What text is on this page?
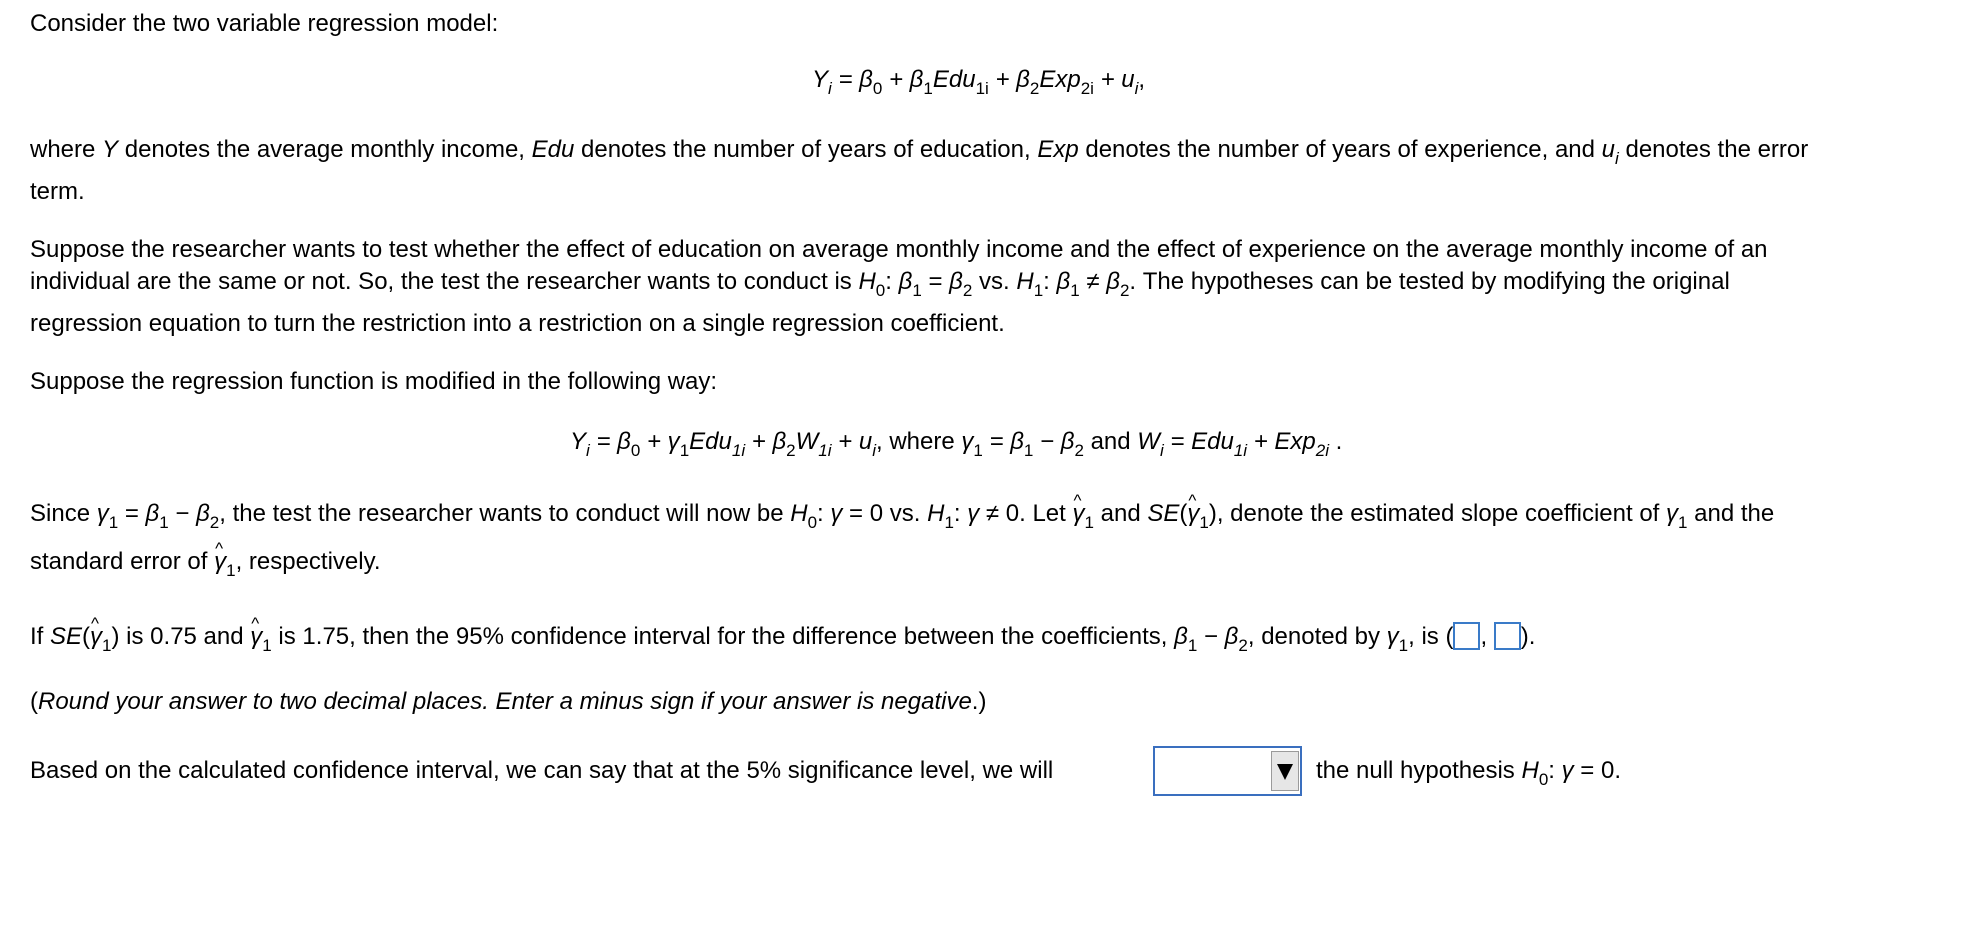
Consider the two variable regression model:
$Y_i = \beta_0 + \beta_1Edu_{1i} + \beta_2Exp_{2i} + u_i$,
where Y denotes the average monthly income, Edu denotes the number of years of education, Exp denotes the number of years of experience, and $u_i$ denotes the error
term.
Suppose the researcher wants to test whether the effect of education on average monthly income and the effect of experience on the average monthly income of an
individual are the same or not. So, the test the researcher wants to conduct is $H_0$: $\beta_1 = \beta_2$ vs. $H_1$: $\beta_1 \ne \beta_2$. The hypotheses can be tested by modifying the original
regression equation to turn the restriction into a restriction on a single regression coefficient.
Suppose the regression function is modified in the following way:
$Y_i = \beta_0 + \gamma_1Edu_{1i} + \beta_2W_{1i} + u_i$, where $\gamma_1 = \beta_1 - \beta_2$ and $W_i = Edu_{1i} + Exp_{2i}$ .
Since $\gamma_1 = \beta_1 - \beta_2$, the test the researcher wants to conduct will now be $H_0$: γ = 0 vs. $H_1$: γ ≠ 0. Let ^ $\gamma_1$ and SE(^ $\gamma_1$), denote the estimated slope coefficient of $\gamma_1$ and the
standard error of ^ $\gamma_1$, respectively.
If SE(^ $\gamma_1$) is 0.75 and ^ $\gamma_1$ is 1.75, then the 95% confidence interval for the difference between the coefficients, $\beta_1 - \beta_2$, denoted by $\gamma_1$, is ( , ).
(Round your answer to two decimal places. Enter a minus sign if your answer is negative.)
Based on the calculated confidence interval, we can say that at the 5% significance level, we will	the null hypothesis $H_0$: γ = 0.
